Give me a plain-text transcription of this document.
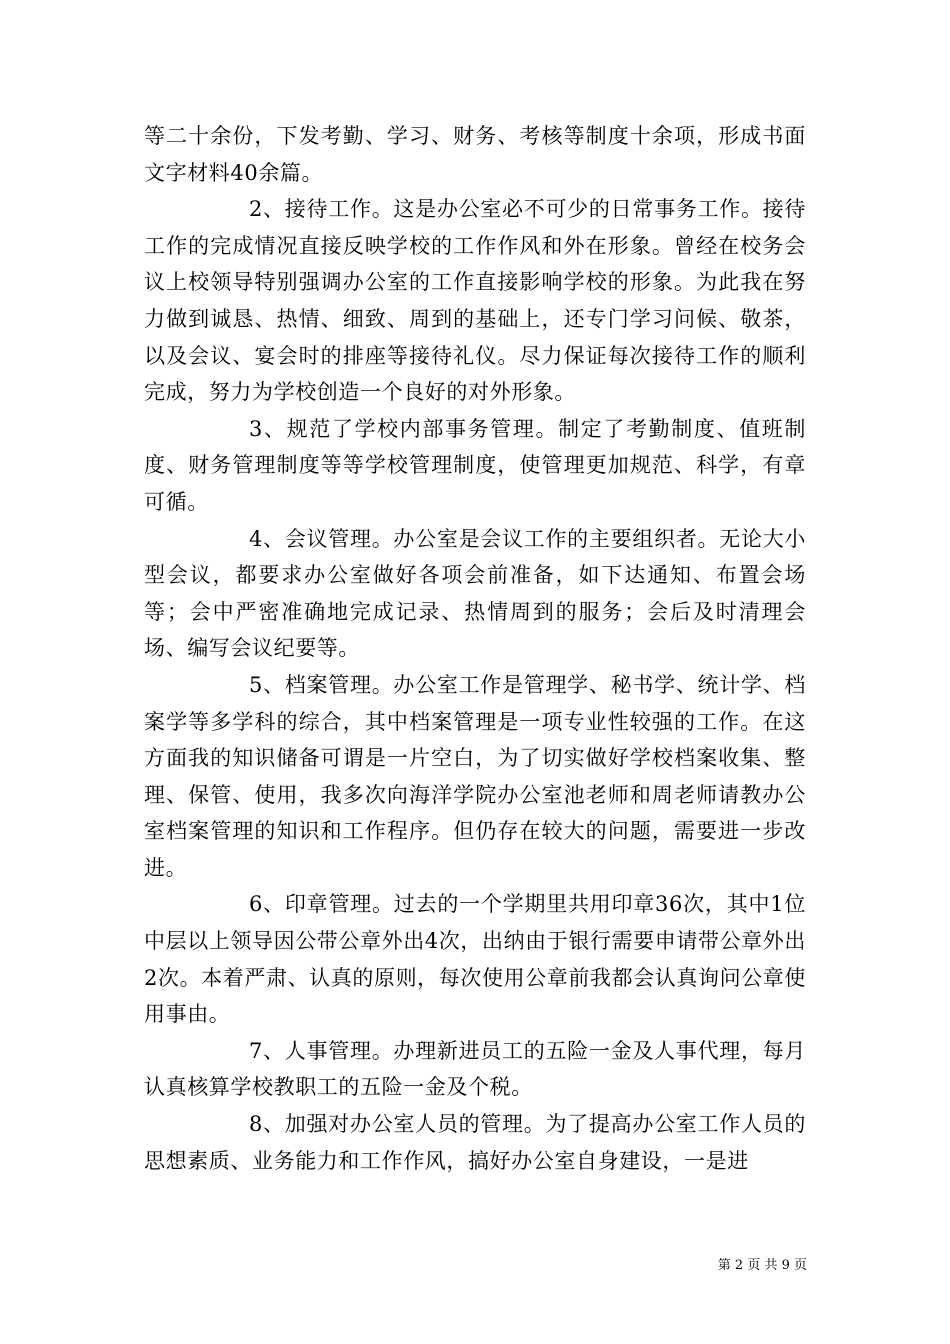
等二十余份，下发考勤、学习、财务、考核等制度十余项，形成书面文字材料40余篇。

2、接待工作。这是办公室必不可少的日常事务工作。接待工作的完成情况直接反映学校的工作作风和外在形象。曾经在校务会议上校领导特别强调办公室的工作直接影响学校的形象。为此我在努力做到诚恳、热情、细致、周到的基础上，还专门学习问候、敬茶，以及会议、宴会时的排座等接待礼仪。尽力保证每次接待工作的顺利完成，努力为学校创造一个良好的对外形象。

3、规范了学校内部事务管理。制定了考勤制度、值班制度、财务管理制度等等学校管理制度，使管理更加规范、科学，有章可循。

4、会议管理。办公室是会议工作的主要组织者。无论大小型会议，都要求办公室做好各项会前准备，如下达通知、布置会场等；会中严密准确地完成记录、热情周到的服务；会后及时清理会场、编写会议纪要等。

5、档案管理。办公室工作是管理学、秘书学、统计学、档案学等多学科的综合，其中档案管理是一项专业性较强的工作。在这方面我的知识储备可谓是一片空白，为了切实做好学校档案收集、整理、保管、使用，我多次向海洋学院办公室池老师和周老师请教办公室档案管理的知识和工作程序。但仍存在较大的问题，需要进一步改进。

6、印章管理。过去的一个学期里共用印章36次，其中1位中层以上领导因公带公章外出4次，出纳由于银行需要申请带公章外出2次。本着严肃、认真的原则，每次使用公章前我都会认真询问公章使用事由。

7、人事管理。办理新进员工的五险一金及人事代理，每月认真核算学校教职工的五险一金及个税。

8、加强对办公室人员的管理。为了提高办公室工作人员的思想素质、业务能力和工作作风，搞好办公室自身建设，一是进

第 2 页 共 9 页
